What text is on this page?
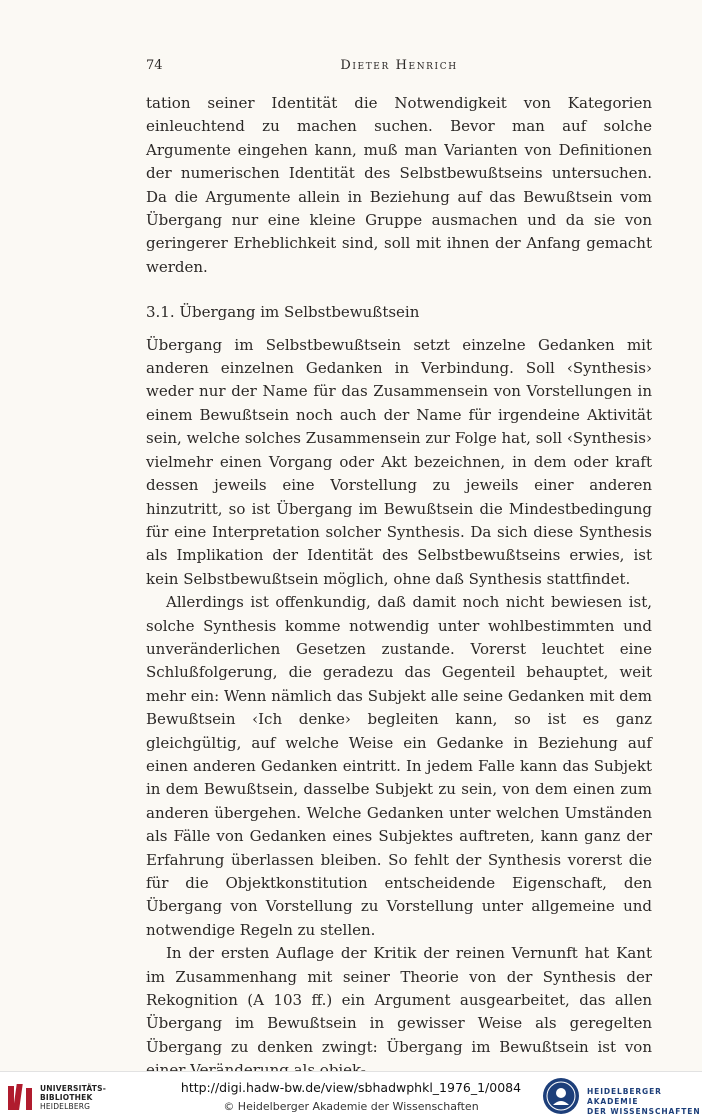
74	Dieter Henrich

tation seiner Identität die Notwendigkeit von Kategorien einleuchtend zu machen suchen. Bevor man auf solche Argumente eingehen kann, muß man Varianten von Definitionen der numerischen Identität des Selbstbewußtseins untersuchen. Da die Argumente allein in Beziehung auf das Bewußtsein vom Übergang nur eine kleine Gruppe ausmachen und da sie von geringerer Erheblichkeit sind, soll mit ihnen der Anfang gemacht werden.

3.1. Übergang im Selbstbewußtsein

Übergang im Selbstbewußtsein setzt einzelne Gedanken mit anderen einzelnen Gedanken in Verbindung. Soll ‹Synthesis› weder nur der Name für das Zusammensein von Vorstellungen in einem Bewußtsein noch auch der Name für irgendeine Aktivität sein, welche solches Zusammensein zur Folge hat, soll ‹Synthesis› vielmehr einen Vorgang oder Akt bezeichnen, in dem oder kraft dessen jeweils eine Vorstellung zu jeweils einer anderen hinzutritt, so ist Übergang im Bewußtsein die Mindestbedingung für eine Interpretation solcher Synthesis. Da sich diese Synthesis als Implikation der Identität des Selbstbewußtseins erwies, ist kein Selbstbewußtsein möglich, ohne daß Synthesis stattfindet.

Allerdings ist offenkundig, daß damit noch nicht bewiesen ist, solche Synthesis komme notwendig unter wohlbestimmten und unveränderlichen Gesetzen zustande. Vorerst leuchtet eine Schlußfolgerung, die geradezu das Gegenteil behauptet, weit mehr ein: Wenn nämlich das Subjekt alle seine Gedanken mit dem Bewußtsein ‹Ich denke› begleiten kann, so ist es ganz gleichgültig, auf welche Weise ein Gedanke in Beziehung auf einen anderen Gedanken eintritt. In jedem Falle kann das Subjekt in dem Bewußtsein, dasselbe Subjekt zu sein, von dem einen zum anderen übergehen. Welche Gedanken unter welchen Umständen als Fälle von Gedanken eines Subjektes auftreten, kann ganz der Erfahrung überlassen bleiben. So fehlt der Synthesis vorerst die für die Objektkonstitution entscheidende Eigenschaft, den Übergang von Vorstellung zu Vorstellung unter allgemeine und notwendige Regeln zu stellen.

In der ersten Auflage der Kritik der reinen Vernunft hat Kant im Zusammenhang mit seiner Theorie von der Synthesis der Rekognition (A 103 ff.) ein Argument ausgearbeitet, das allen Übergang im Bewußtsein in gewisser Weise als geregelten Übergang zu denken zwingt: Übergang im Bewußtsein ist von

UNIVERSITÄTS-
BIBLIOTHEK
HEIDELBERG
http://digi.hadw-bw.de/view/sbhadwphkl_1976_1/0084
© Heidelberger Akademie der Wissenschaften
HEIDELBERGER AKADEMIE
DER WISSENSCHAFTEN
